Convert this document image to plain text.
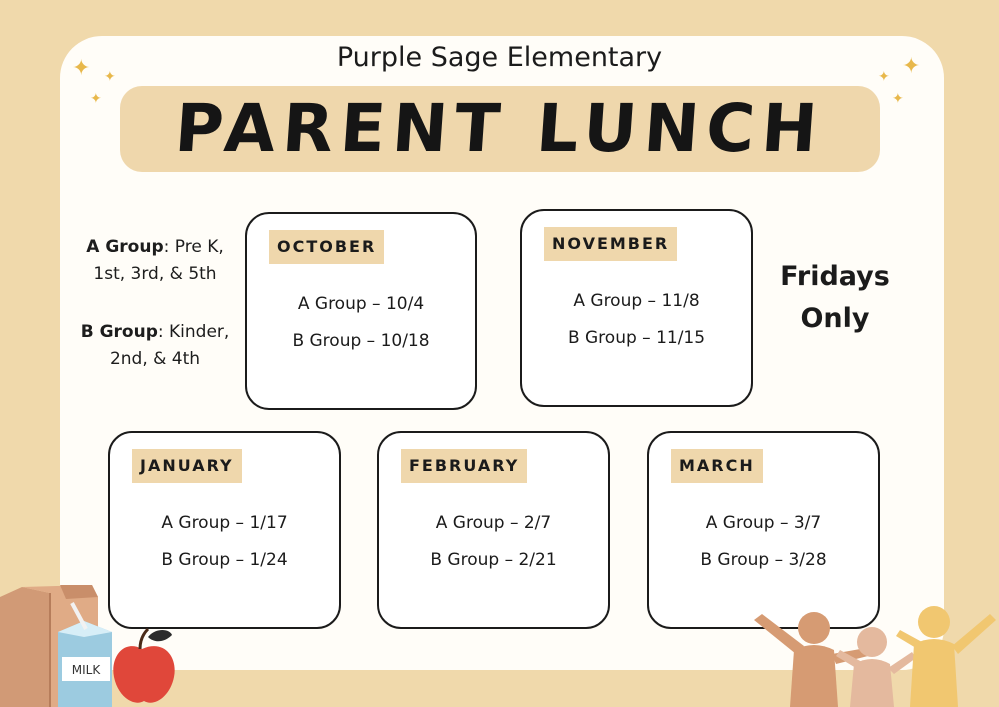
✦ ✦
✦
✦
✦
✦
Purple Sage Elementary
PARENT LUNCH
A Group: Pre K, 1st, 3rd, & 5th
B Group: Kinder, 2nd, & 4th
Fridays
Only
OCTOBER
A Group – 10/4
B Group – 10/18
NOVEMBER
A Group – 11/8
B Group – 11/15
JANUARY
A Group – 1/17
B Group – 1/24
FEBRUARY
A Group – 2/7
B Group – 2/21
MARCH
A Group – 3/7
B Group – 3/28
MILK
